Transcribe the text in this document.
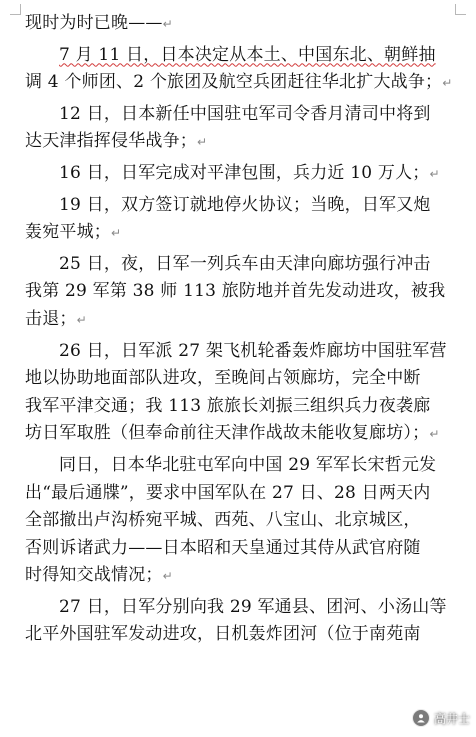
现时为时已晚——↵
7 月 11 日，日本决定从本土、中国东北、朝鲜抽
调 4 个师团、2 个旅团及航空兵团赶往华北扩大战争；↵
12 日，日本新任中国驻屯军司令香月清司中将到
达天津指挥侵华战争；↵
16 日，日军完成对平津包围，兵力近 10 万人；↵
19 日，双方签订就地停火协议；当晚，日军又炮
轰宛平城；↵
25 日，夜，日军一列兵车由天津向廊坊强行冲击
我第 29 军第 38 师 113 旅防地并首先发动进攻，被我
击退；↵
26 日，日军派 27 架飞机轮番轰炸廊坊中国驻军营
地以协助地面部队进攻，至晚间占领廊坊，完全中断
我军平津交通；我 113 旅旅长刘振三组织兵力夜袭廊
坊日军取胜（但奉命前往天津作战故未能收复廊坊）；↵
同日，日本华北驻屯军向中国 29 军军长宋哲元发
出“最后通牒”，要求中国军队在 27 日、28 日两天内
全部撤出卢沟桥宛平城、西苑、八宝山、北京城区，
否则诉诸武力——日本昭和天皇通过其侍从武官府随
时得知交战情况；↵
27 日，日军分别向我 29 军通县、团河、小汤山等
北平外国驻军发动进攻，日机轰炸团河（位于南苑南
高井士
